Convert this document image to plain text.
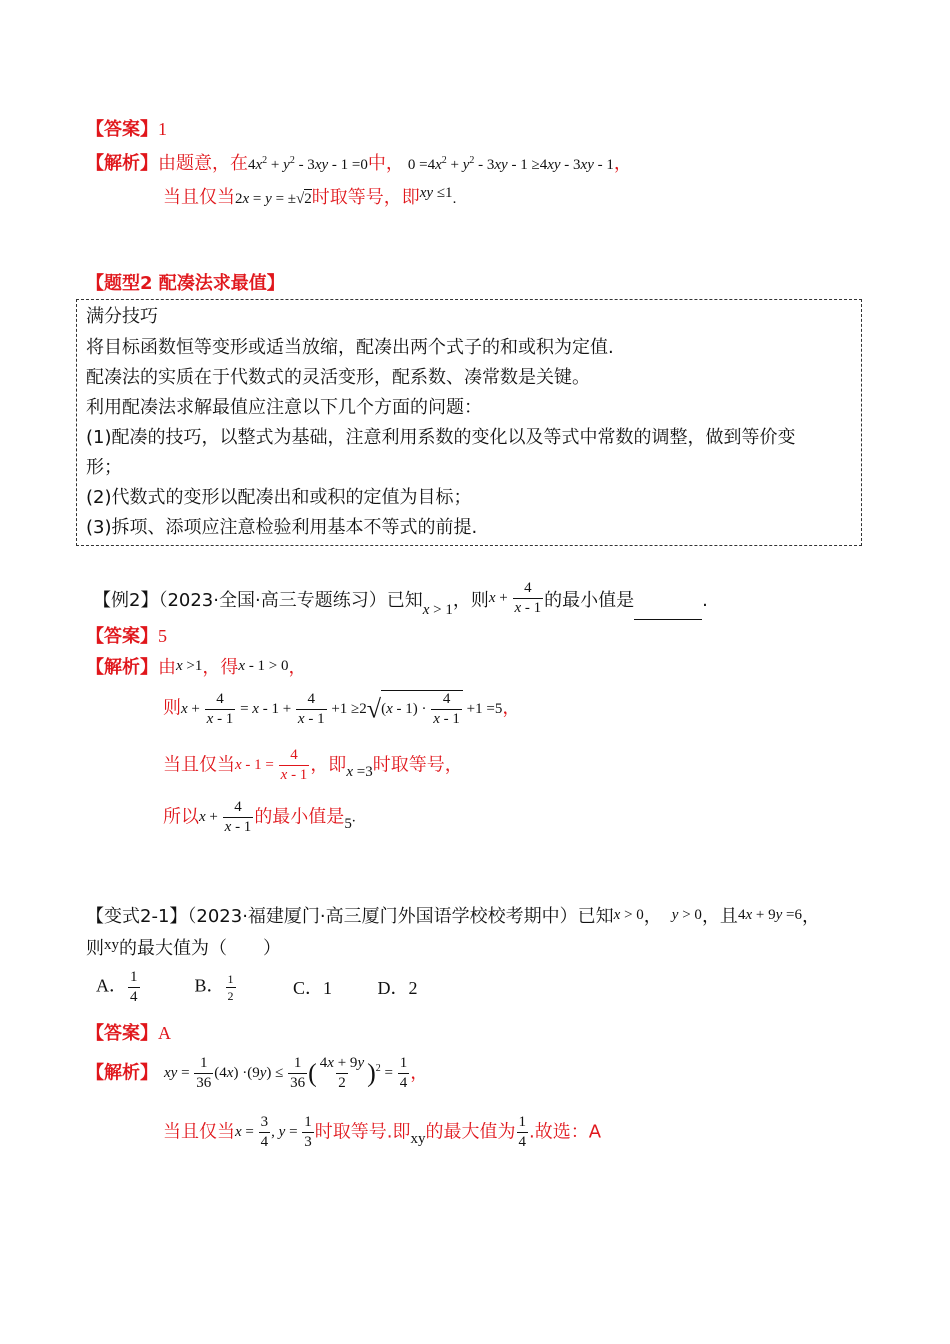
【答案】1
【解析】由题意，在$4x^2 + y^2 - 3xy - 1 =0$中， $0 =4x^2 + y^2 - 3xy - 1 \ge 4xy - 3xy - 1$，
当且仅当2x = y = ±√2时取等号，即$^{xy \le 1}$.
【题型2 配凑法求最值】
满分技巧
将目标函数恒等变形或适当放缩，配凑出两个式子的和或积为定值.
配凑法的实质在于代数式的灵活变形，配系数、凑常数是关键。
利用配凑法求解最值应注意以下几个方面的问题：
(1)配凑的技巧，以整式为基础，注意利用系数的变化以及等式中常数的调整，做到等价变
形；
(2)代数式的变形以配凑出和或积的定值为目标；
(3)拆项、添项应注意检验利用基本不等式的前提.
【例2】（2023·全国·高三专题练习）已知$_{x > 1}$，则$^{x + \frac{4}{x - 1}}$ 的最小值是	.
【答案】5
【解析】由x >1，得x - 1 > 0，
则$x + \frac{4}{x - 1} = x - 1 + \frac{4}{x - 1} +1 \ge 2√(x - 1) \cdot \frac{4}{x - 1} +1 =5$，
当且仅当$x - 1 = \frac{4}{x - 1}$ ，即$_{x =3}$时取等号，
所以$x + \frac{4}{x - 1}$ 的最小值是$_5$.
【变式2-1】（2023·福建厦门·高三厦门外国语学校校考期中）已知x > 0， y > 0，且4x + 9y =6，
则$^{xy}$的最大值为（　　）
A． $\frac{1}{4}$	B． $\frac{1}{2}$	C．1	D．2
【答案】A
【解析】 xy = $\frac{1}{36} (4x) \cdot(9y) \le \frac{1}{36}$ ( $\frac{4x + 9y}{2} )^2 = \frac{1}{4}$ ，
当且仅当$x = \frac{3}{4}$ , $y = \frac{1}{3}$ 时取等号.即$_{xy}$的最大值为 $\frac{1}{4}$ .故选：A
